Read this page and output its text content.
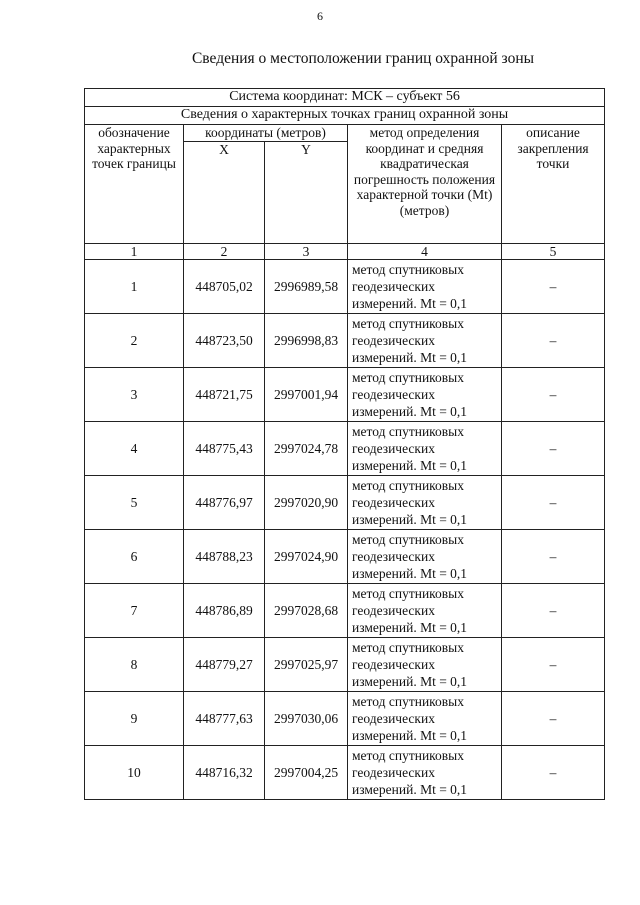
6
Сведения о местоположении границ охранной зоны
Система координат: МСК – субъект 56				
Сведения о характерных точках границ охранной зоны				
обозначение характерных точек границы	координаты (метров)		метод определения координат и средняя квадратическая погрешность положения характерной точки (Mt) (метров)	описание закрепления точки
	X	Y		
1	2	3	4	5
1	448705,02	2996989,58	метод спутниковых геодезических измерений. Mt = 0,1	–
2	448723,50	2996998,83	метод спутниковых геодезических измерений. Mt = 0,1	–
3	448721,75	2997001,94	метод спутниковых геодезических измерений. Mt = 0,1	–
4	448775,43	2997024,78	метод спутниковых геодезических измерений. Mt = 0,1	–
5	448776,97	2997020,90	метод спутниковых геодезических измерений. Mt = 0,1	–
6	448788,23	2997024,90	метод спутниковых геодезических измерений. Mt = 0,1	–
7	448786,89	2997028,68	метод спутниковых геодезических измерений. Mt = 0,1	–
8	448779,27	2997025,97	метод спутниковых геодезических измерений. Mt = 0,1	–
9	448777,63	2997030,06	метод спутниковых геодезических измерений. Mt = 0,1	–
10	448716,32	2997004,25	метод спутниковых геодезических измерений. Mt = 0,1	–
